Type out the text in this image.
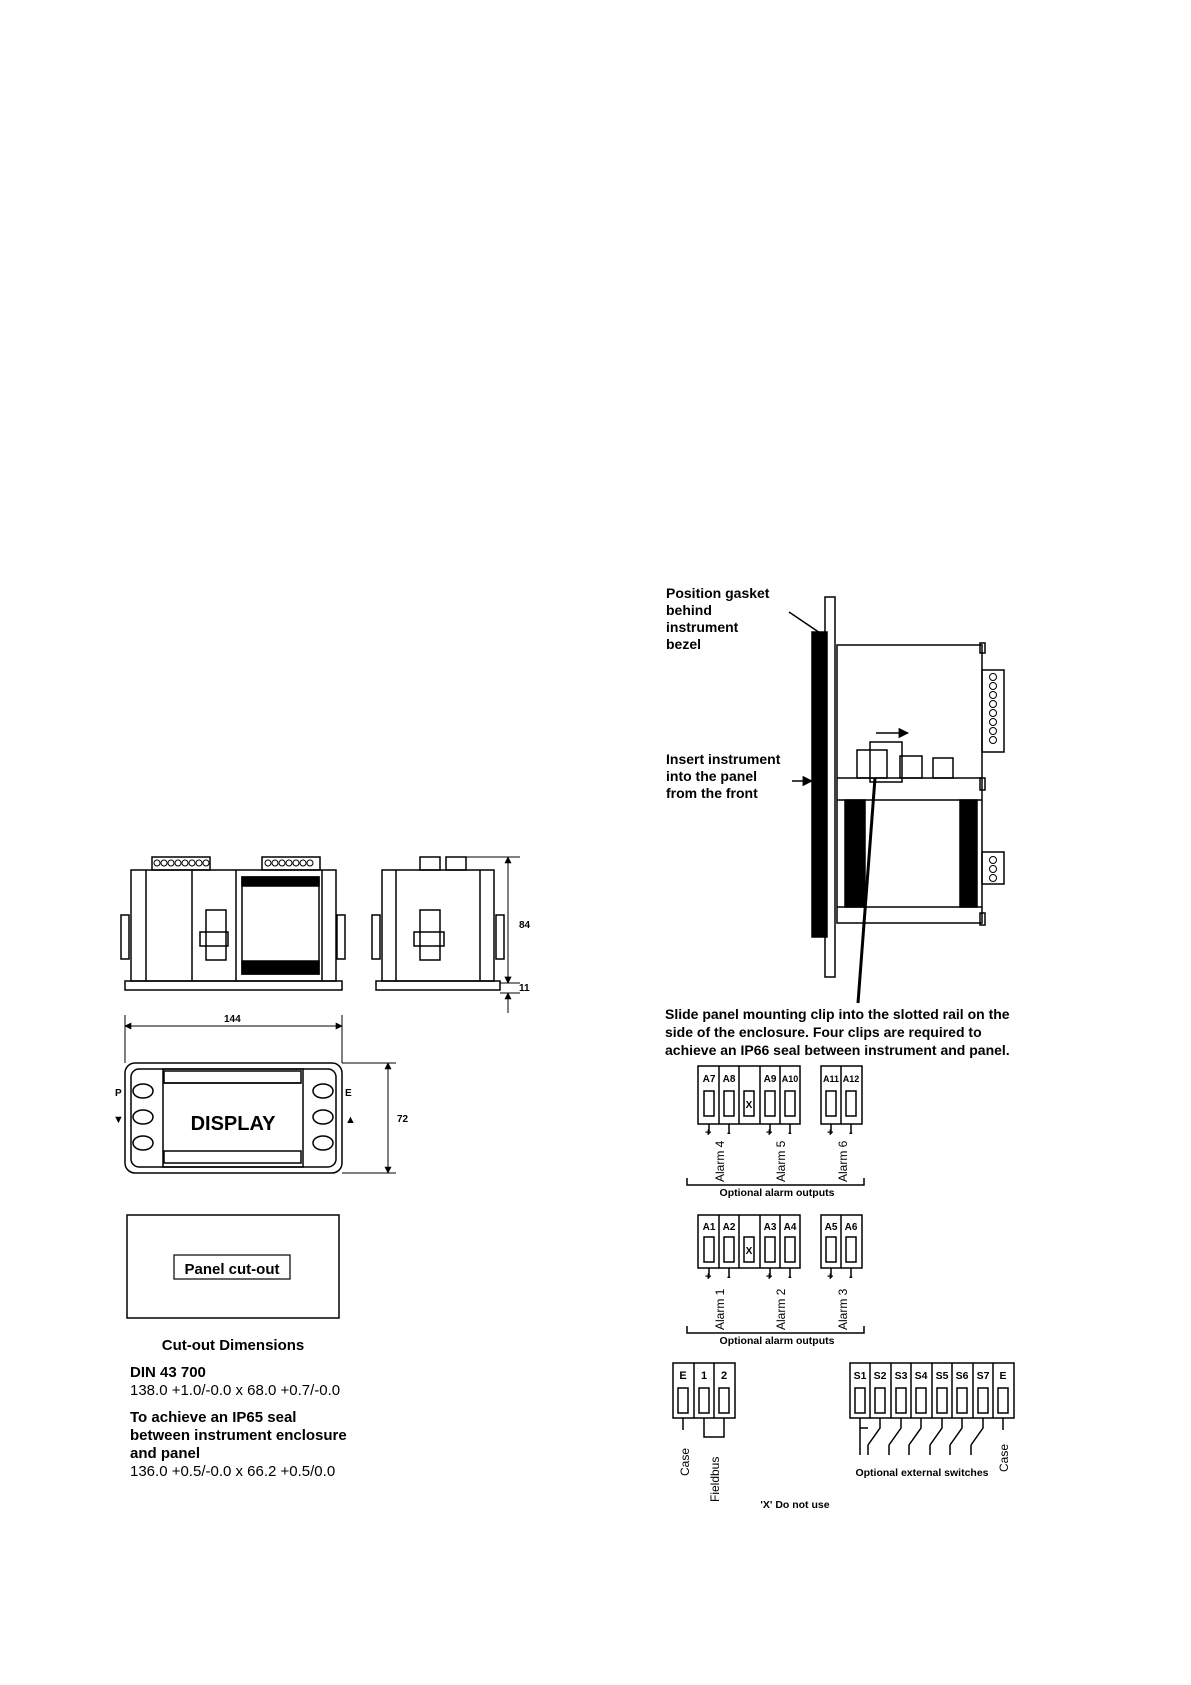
84
11
144
DISPLAY
P
▼
E
▲	72
Panel cut-out
A7 A8	A9 A10	A11 A12
X
+ -	+ -	+ -
Alarm 4	Alarm 5	Alarm 6
Optional alarm outputs
A1 A2	A3 A4	A5 A6
X
+ -	+ -	+ -
Alarm 1	Alarm 2	Alarm 3
Optional alarm outputs
E 1 2
Case Fieldbus
S1 S2 S3 S4 S5 S6 S7 E
Optional external switches
Case
'X' Do not use
Cut-out Dimensions
DIN 43 700
138.0 +1.0/-0.0 x 68.0 +0.7/-0.0
To achieve an IP65 seal
between instrument enclosure
and panel
136.0 +0.5/-0.0 x 66.2 +0.5/0.0
Position gasket
behind
instrument
bezel
Insert instrument
into the panel
from the front
Slide panel mounting clip into the slotted rail on the
side of the enclosure. Four clips are required to
achieve an IP66 seal between instrument and panel.
